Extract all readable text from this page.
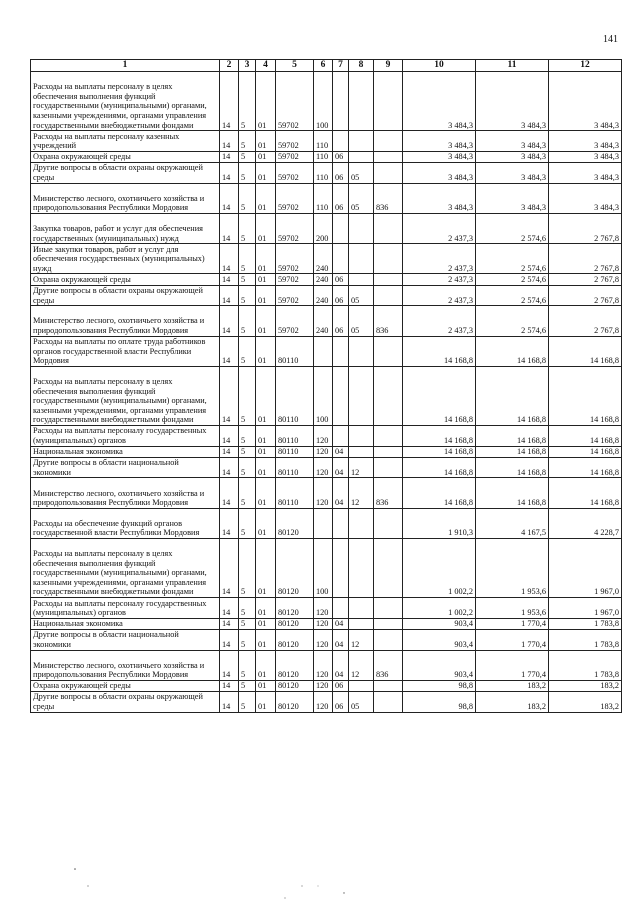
141
1	2	3	4	5	6	7	8	9	10	11	12
Расходы на выплаты персоналу в целях обеспечения выполнения функций государственными (муниципальными) органами, казенными учреждениями, органами управления государственными внебюджетными фондами	14	5	01	59702	100				3 484,3	3 484,3	3 484,3
Расходы на выплаты персоналу казенных учреждений	14	5	01	59702	110				3 484,3	3 484,3	3 484,3
Охрана окружающей среды	14	5	01	59702	110	06			3 484,3	3 484,3	3 484,3
Другие вопросы в области охраны окружающей среды	14	5	01	59702	110	06	05		3 484,3	3 484,3	3 484,3
Министерство лесного, охотничьего хозяйства и природопользования Республики Мордовия	14	5	01	59702	110	06	05	836	3 484,3	3 484,3	3 484,3
Закупка товаров, работ и услуг для обеспечения государственных (муниципальных) нужд	14	5	01	59702	200				2 437,3	2 574,6	2 767,8
Иные закупки товаров, работ и услуг для обеспечения государственных (муниципальных) нужд	14	5	01	59702	240				2 437,3	2 574,6	2 767,8
Охрана окружающей среды	14	5	01	59702	240	06			2 437,3	2 574,6	2 767,8
Другие вопросы в области охраны окружающей среды	14	5	01	59702	240	06	05		2 437,3	2 574,6	2 767,8
Министерство лесного, охотничьего хозяйства и природопользования Республики Мордовия	14	5	01	59702	240	06	05	836	2 437,3	2 574,6	2 767,8
Расходы на выплаты по оплате труда работников органов государственной власти Республики Мордовия	14	5	01	80110					14 168,8	14 168,8	14 168,8
Расходы на выплаты персоналу в целях обеспечения выполнения функций государственными (муниципальными) органами, казенными учреждениями, органами управления государственными внебюджетными фондами	14	5	01	80110	100				14 168,8	14 168,8	14 168,8
Расходы на выплаты персоналу государственных (муниципальных) органов	14	5	01	80110	120				14 168,8	14 168,8	14 168,8
Национальная экономика	14	5	01	80110	120	04			14 168,8	14 168,8	14 168,8
Другие вопросы в области национальной экономики	14	5	01	80110	120	04	12		14 168,8	14 168,8	14 168,8
Министерство лесного, охотничьего хозяйства и природопользования Республики Мордовия	14	5	01	80110	120	04	12	836	14 168,8	14 168,8	14 168,8
Расходы на обеспечение функций органов государственной власти Республики Мордовия	14	5	01	80120					1 910,3	4 167,5	4 228,7
Расходы на выплаты персоналу в целях обеспечения выполнения функций государственными (муниципальными) органами, казенными учреждениями, органами управления государственными внебюджетными фондами	14	5	01	80120	100				1 002,2	1 953,6	1 967,0
Расходы на выплаты персоналу государственных (муниципальных) органов	14	5	01	80120	120				1 002,2	1 953,6	1 967,0
Национальная экономика	14	5	01	80120	120	04			903,4	1 770,4	1 783,8
Другие вопросы в области национальной экономики	14	5	01	80120	120	04	12		903,4	1 770,4	1 783,8
Министерство лесного, охотничьего хозяйства и природопользования Республики Мордовия	14	5	01	80120	120	04	12	836	903,4	1 770,4	1 783,8
Охрана окружающей среды	14	5	01	80120	120	06			98,8	183,2	183,2
Другие вопросы в области охраны окружающей среды	14	5	01	80120	120	06	05		98,8	183,2	183,2
